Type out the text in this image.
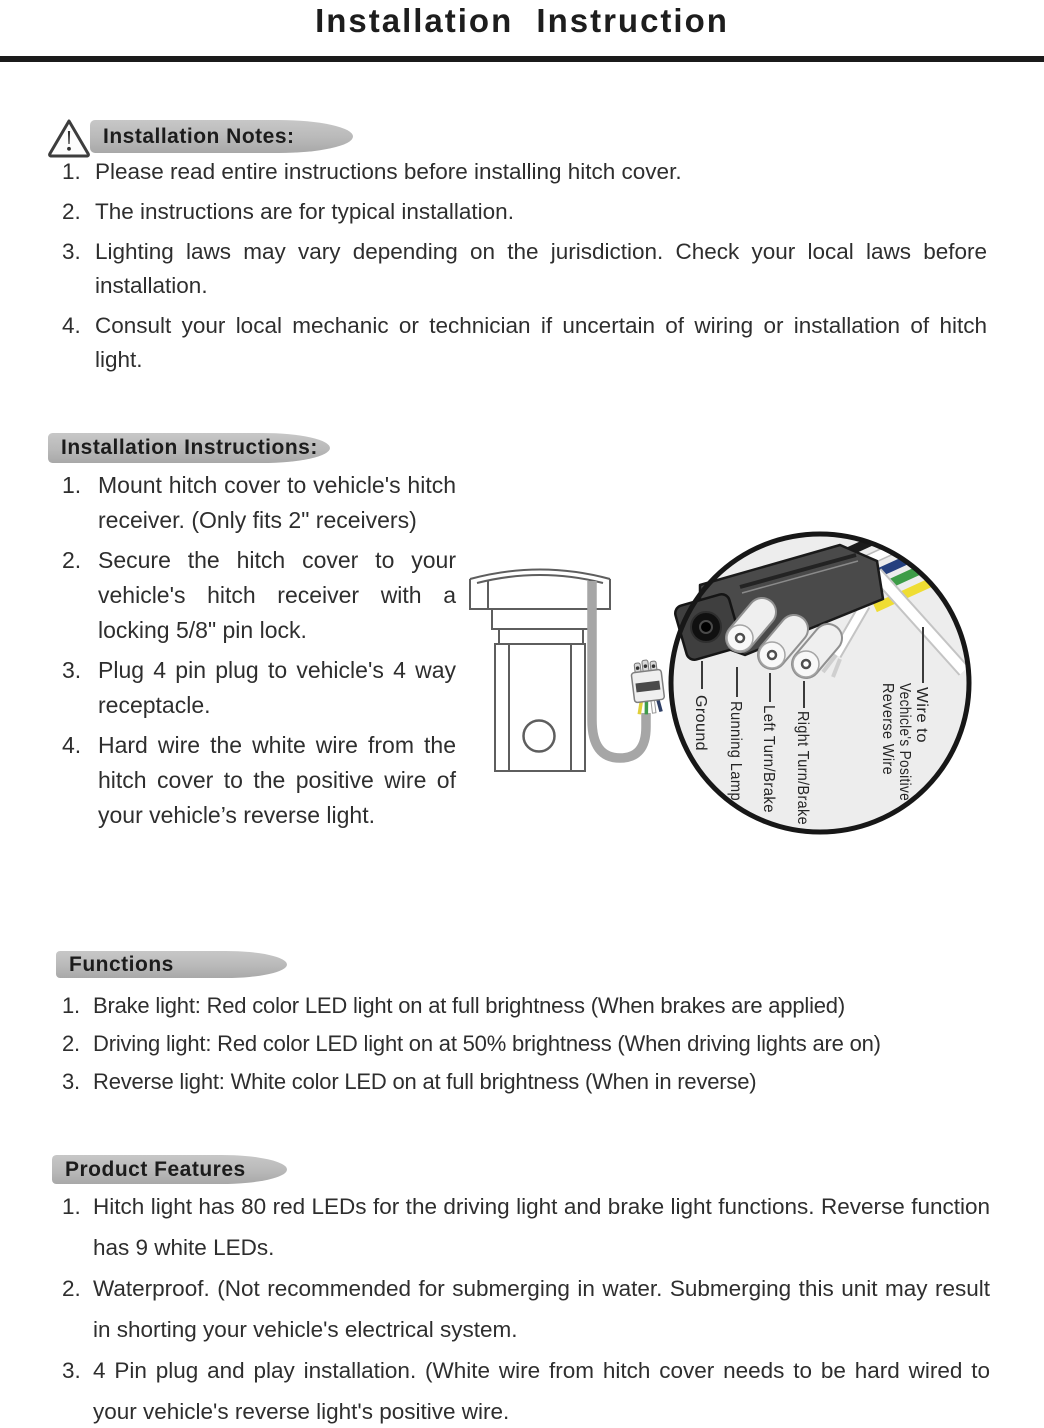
Installation Instruction
Installation Notes:
Installation Instructions:
Functions
Product Features
1. Please read entire instructions before installing hitch cover.
2. The instructions are for typical installation.
3. Lighting laws may vary depending on the jurisdiction. Check your local laws before installation.
4. Consult your local mechanic or technician if uncertain of wiring or installation of hitch light.
1. Mount hitch cover to vehicle's hitch receiver. (Only fits 2" receivers)
2. Secure the hitch cover to your vehicle's hitch receiver with a locking 5/8" pin lock.
3. Plug 4 pin plug to vehicle's 4 way receptacle.
4. Hard wire the white wire from the hitch cover to the positive wire of your vehicle’s reverse light.
1. Brake light: Red color LED light on at full brightness (When brakes are applied)
2. Driving light: Red color LED light on at 50% brightness (When driving lights are on)
3. Reverse light: White color LED on at full brightness (When in reverse)
1. Hitch light has 80 red LEDs for the driving light and brake light functions. Reverse function has 9 white LEDs.
2. Waterproof. (Not recommended for submerging in water. Submerging this unit may result in shorting your vehicle's electrical system.
3. 4 Pin plug and play installation. (White wire from hitch cover needs to be hard wired to your vehicle's reverse light's positive wire.
Ground Running Lamp Left Turn/Brake Right Turn/Brake	Wire to
Vechicle's Positive
Reverse Wire
